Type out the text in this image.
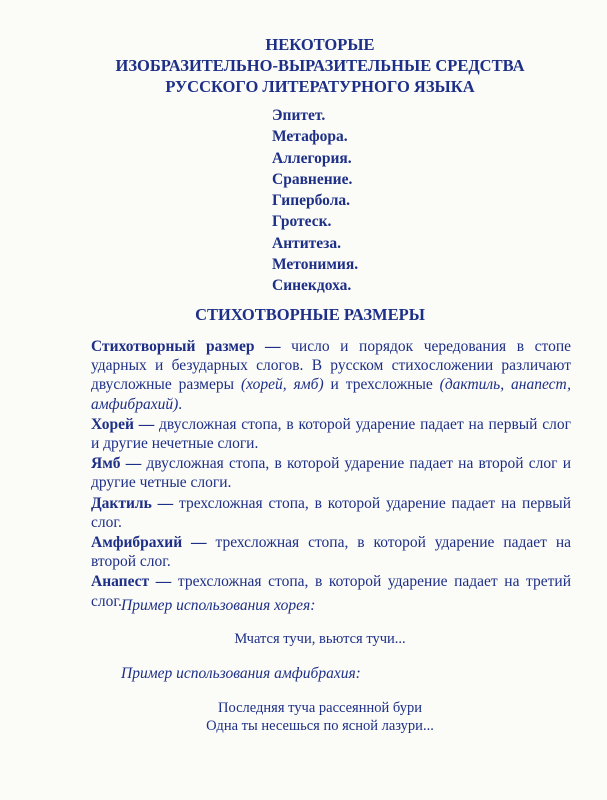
НЕКОТОРЫЕ
ИЗОБРАЗИТЕЛЬНО-ВЫРАЗИТЕЛЬНЫЕ СРЕДСТВА
РУССКОГО ЛИТЕРАТУРНОГО ЯЗЫКА
Эпитет.
Метафора.
Аллегория.
Сравнение.
Гипербола.
Гротеск.
Антитеза.
Метонимия.
Синекдоха.
СТИХОТВОРНЫЕ РАЗМЕРЫ

Стихотворный размер — число и порядок чередования в стопе ударных и безударных слогов. В русском стихосложении различают двусложные размеры (хорей, ямб) и трехсложные (дактиль, анапест, амфибрахий).

Хорей — двусложная стопа, в которой ударение падает на первый слог и другие нечетные слоги.

Ямб — двусложная стопа, в которой ударение падает на второй слог и другие четные слоги.

Дактиль — трехсложная стопа, в которой ударение падает на первый слог.

Амфибрахий — трехсложная стопа, в которой ударение падает на второй слог.

Анапест — трехсложная стопа, в которой ударение падает на третий слог. Пример использования хорея:
Мчатся тучи, вьются тучи...
Пример использования амфибрахия:
Последняя туча рассеянной бури
Одна ты несешься по ясной лазури...
